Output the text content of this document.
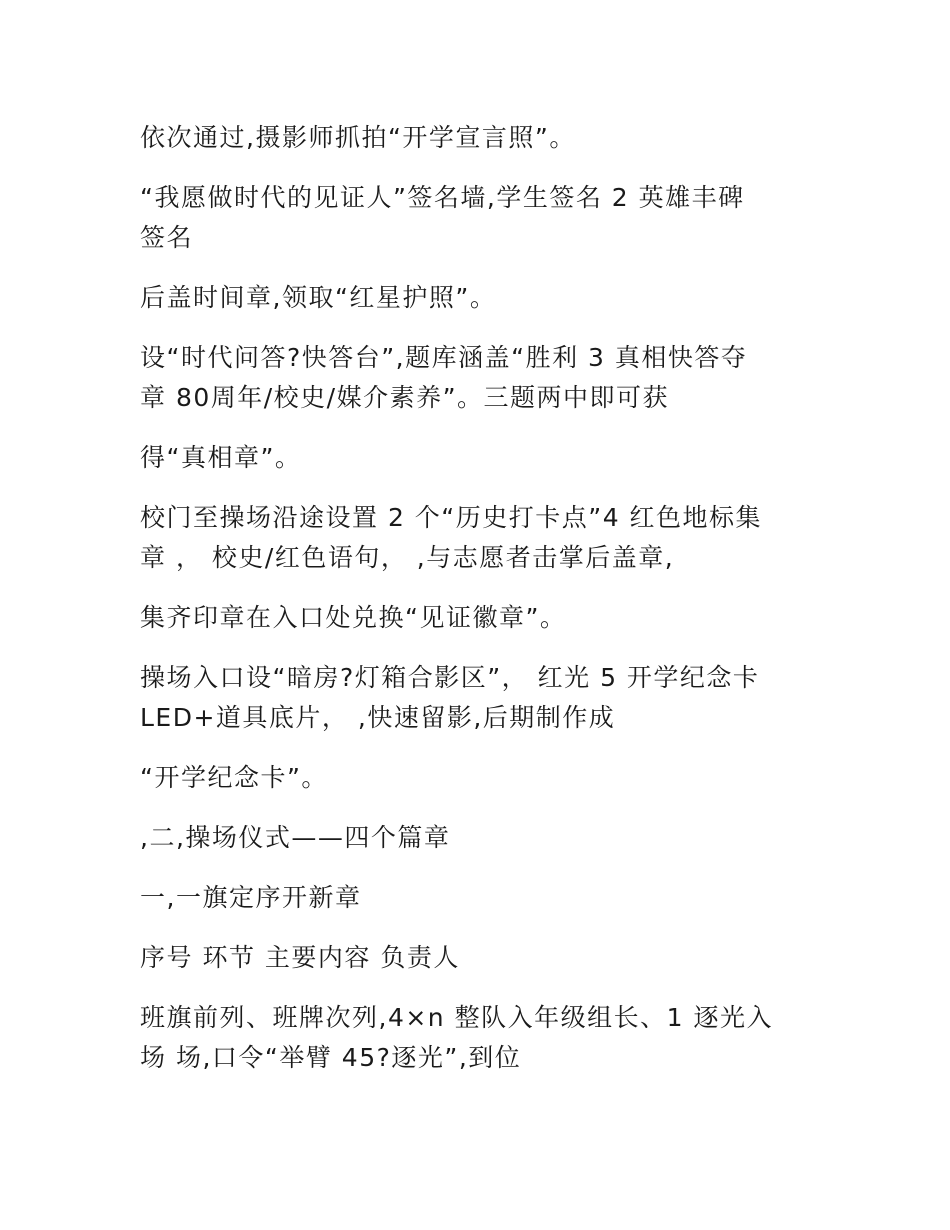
依次通过,摄影师抓拍“开学宣言照”。

“我愿做时代的见证人”签名墙,学生签名 2 英雄丰碑
签名

后盖时间章,领取“红星护照”。

设“时代问答?快答台”,题库涵盖“胜利 3 真相快答夺
章 80周年/校史/媒介素养”。三题两中即可获

得“真相章”。

校门至操场沿途设置 2 个“历史打卡点”4 红色地标集
章 ， 校史/红色语句， ,与志愿者击掌后盖章,

集齐印章在入口处兑换“见证徽章”。

操场入口设“暗房?灯箱合影区”， 红光 5 开学纪念卡
LED+道具底片， ,快速留影,后期制作成

“开学纪念卡”。

,二,操场仪式——四个篇章

一,一旗定序开新章

序号 环节 主要内容 负责人

班旗前列、班牌次列,4×n 整队入年级组长、1 逐光入
场 场,口令“举臂 45?逐光”,到位
